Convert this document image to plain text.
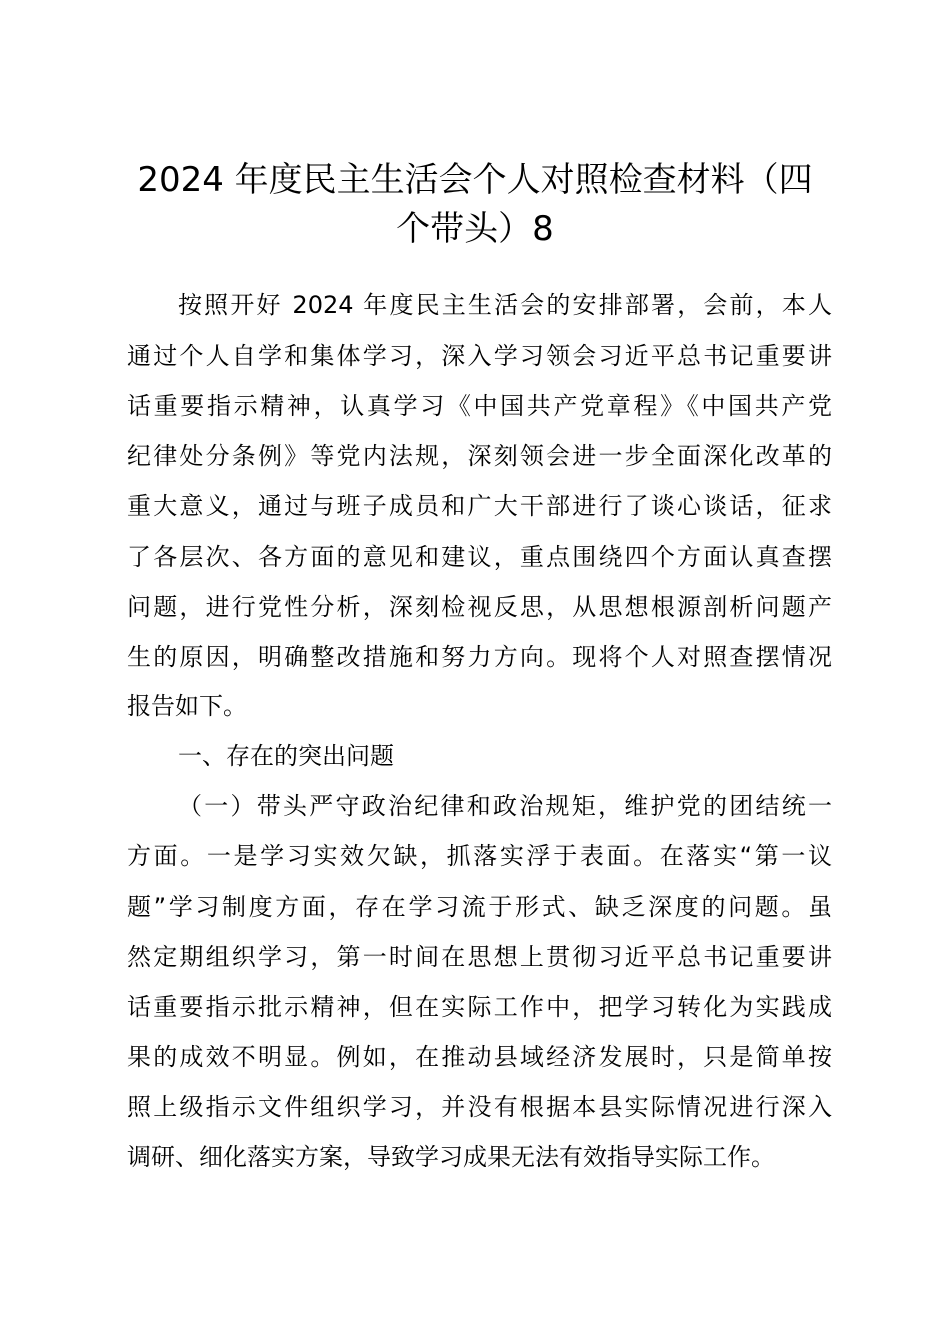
2024 年度民主生活会个人对照检查材料（四
个带头）8
按照开好 2024 年度民主生活会的安排部署，会前，本人
通过个人自学和集体学习，深入学习领会习近平总书记重要讲
话重要指示精神，认真学习《中国共产党章程》《中国共产党
纪律处分条例》等党内法规，深刻领会进一步全面深化改革的
重大意义，通过与班子成员和广大干部进行了谈心谈话，征求
了各层次、各方面的意见和建议，重点围绕四个方面认真查摆
问题，进行党性分析，深刻检视反思，从思想根源剖析问题产
生的原因，明确整改措施和努力方向。现将个人对照查摆情况
报告如下。
一、存在的突出问题
（一）带头严守政治纪律和政治规矩，维护党的团结统一
方面。一是学习实效欠缺，抓落实浮于表面。在落实“第一议
题”学习制度方面，存在学习流于形式、缺乏深度的问题。虽
然定期组织学习，第一时间在思想上贯彻习近平总书记重要讲
话重要指示批示精神，但在实际工作中，把学习转化为实践成
果的成效不明显。例如，在推动县域经济发展时，只是简单按
照上级指示文件组织学习，并没有根据本县实际情况进行深入
调研、细化落实方案，导致学习成果无法有效指导实际工作。
